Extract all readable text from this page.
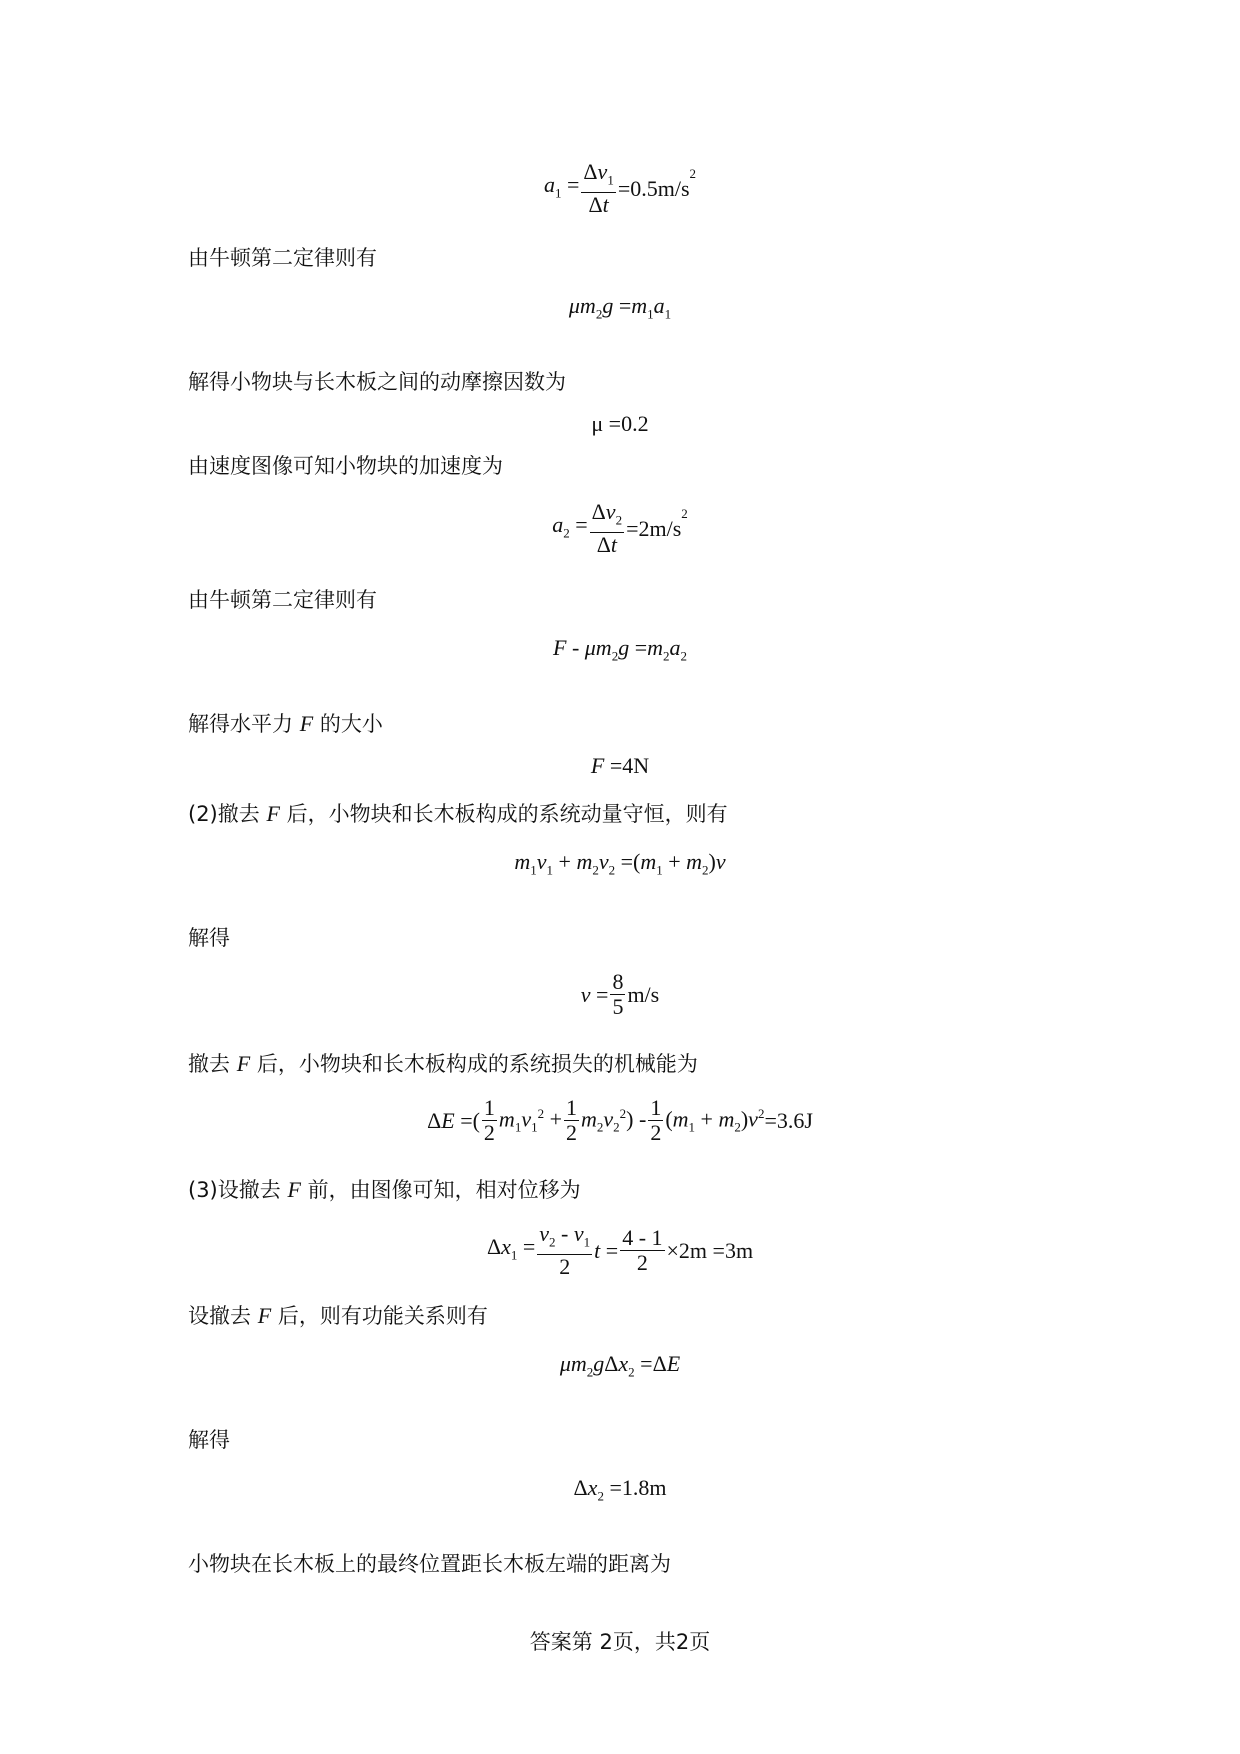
$a_1 = \frac{\Delta v_1}{\Delta t} =0.5m/s^2$
由牛顿第二定律则有
$\mu m_2g =m_1a_1$
解得小物块与长木板之间的动摩擦因数为
μ =0.2
由速度图像可知小物块的加速度为
$a_2 = \frac{\Delta v_2}{\Delta t} =2m/s^2$
由牛顿第二定律则有
$F - \mu m_2g =m_2a_2$
解得水平力 F 的大小
F =4N
(2)撤去 F 后，小物块和长木板构成的系统动量守恒，则有
$m_1v_1 + m_2v_2 =(m_1 + m_2)v$
解得
$v = \frac{8}{5} m/s$
撤去 F 后，小物块和长木板构成的系统损失的机械能为
ΔE =( $\frac{1}{2} m_1v_1^2 + \frac{1}{2} m_2v_2^2) - \frac{1}{2} (m_1 + m_2)v^2=3.6J$
(3)设撤去 F 前，由图像可知，相对位移为
$\Delta x_1 = \frac{v_2 - v_1}{2}$ $t = \frac{4 - 1}{2} \times 2m =3m$
设撤去 F 后，则有功能关系则有
$\mu m_2g\Delta x_2 =\Delta E$
解得
$\Delta x_2 =1.8m$
小物块在长木板上的最终位置距长木板左端的距离为
答案第 2页，共2页
